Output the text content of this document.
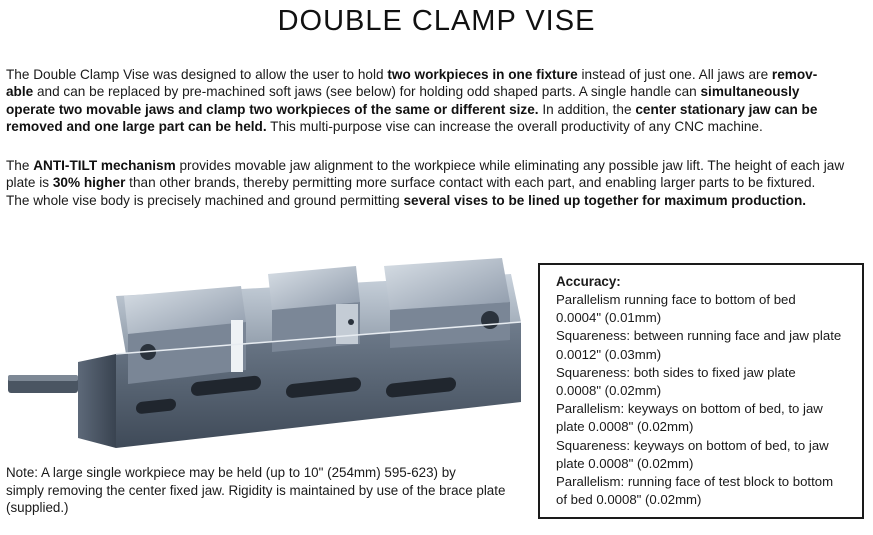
DOUBLE CLAMP VISE
The Double Clamp Vise was designed to allow the user to hold two workpieces in one fixture instead of just one. All jaws are remov-
able and can be replaced by pre-machined soft jaws (see below) for holding odd shaped parts. A single handle can simultaneously
operate two movable jaws and clamp two workpieces of the same or different size. In addition, the center stationary jaw can be
removed and one large part can be held. This multi-purpose vise can increase the overall productivity of any CNC machine.
The ANTI-TILT mechanism provides movable jaw alignment to the workpiece while eliminating any possible jaw lift. The height of each jaw
plate is 30% higher than other brands, thereby permitting more surface contact with each part, and enabling larger parts to be fixtured.
The whole vise body is precisely machined and ground permitting several vises to be lined up together for maximum production.
Note: A large single workpiece may be held (up to 10" (254mm) 595-623) by
simply removing the center fixed jaw. Rigidity is maintained by use of the brace plate
(supplied.)
Accuracy:
Parallelism running face to bottom of bed
0.0004" (0.01mm)
Squareness: between running face and jaw plate
0.0012" (0.03mm)
Squareness: both sides to fixed jaw plate
0.0008" (0.02mm)
Parallelism: keyways on bottom of bed, to jaw
plate 0.0008" (0.02mm)
Squareness: keyways on bottom of bed, to jaw
plate 0.0008" (0.02mm)
Parallelism: running face of test block to bottom
of bed 0.0008" (0.02mm)
